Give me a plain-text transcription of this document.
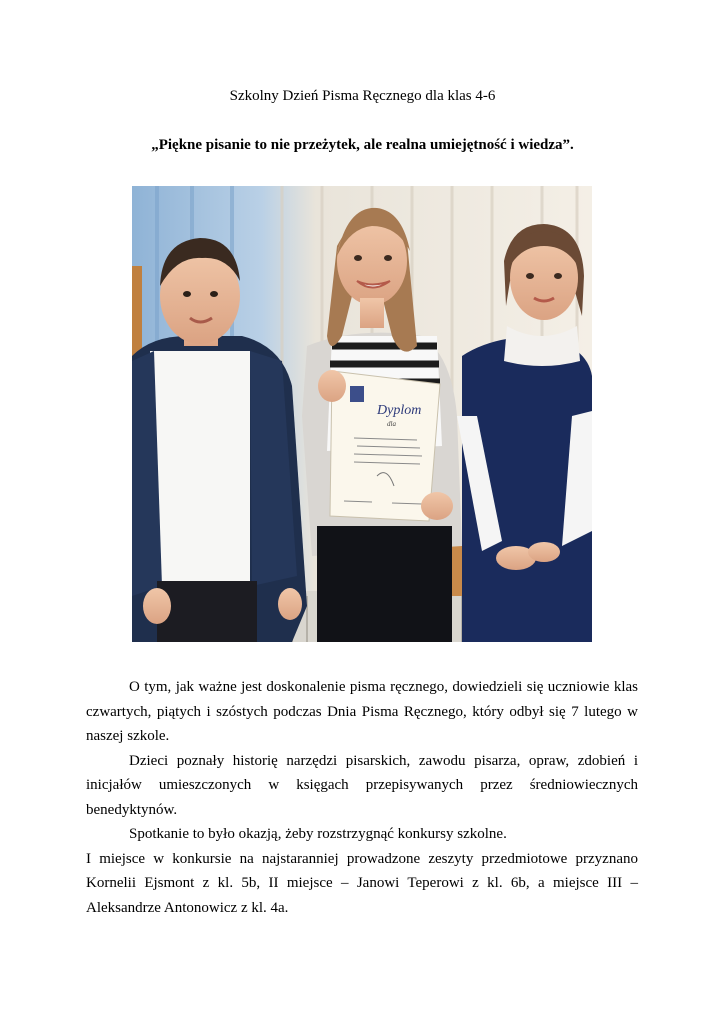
Szkolny Dzień Pisma Ręcznego dla klas 4-6
„Piękne pisanie to nie przeżytek, ale realna umiejętność i wiedza”.
Dyplom
dla

O tym, jak ważne jest doskonalenie pisma ręcznego, dowiedzieli się uczniowie klas czwartych, piątych i szóstych podczas Dnia Pisma Ręcznego, który odbył się 7 lutego w naszej szkole.

Dzieci poznały historię narzędzi pisarskich, zawodu pisarza, opraw, zdobień i inicjałów umieszczonych w księgach przepisywanych przez średniowiecznych benedyktynów.

Spotkanie to było okazją, żeby rozstrzygnąć konkursy szkolne.

I miejsce w konkursie na najstaranniej prowadzone zeszyty przedmiotowe przyznano Kornelii Ejsmont z kl. 5b, II miejsce – Janowi Teperowi z kl. 6b, a miejsce III – Aleksandrze Antonowicz z kl. 4a.
